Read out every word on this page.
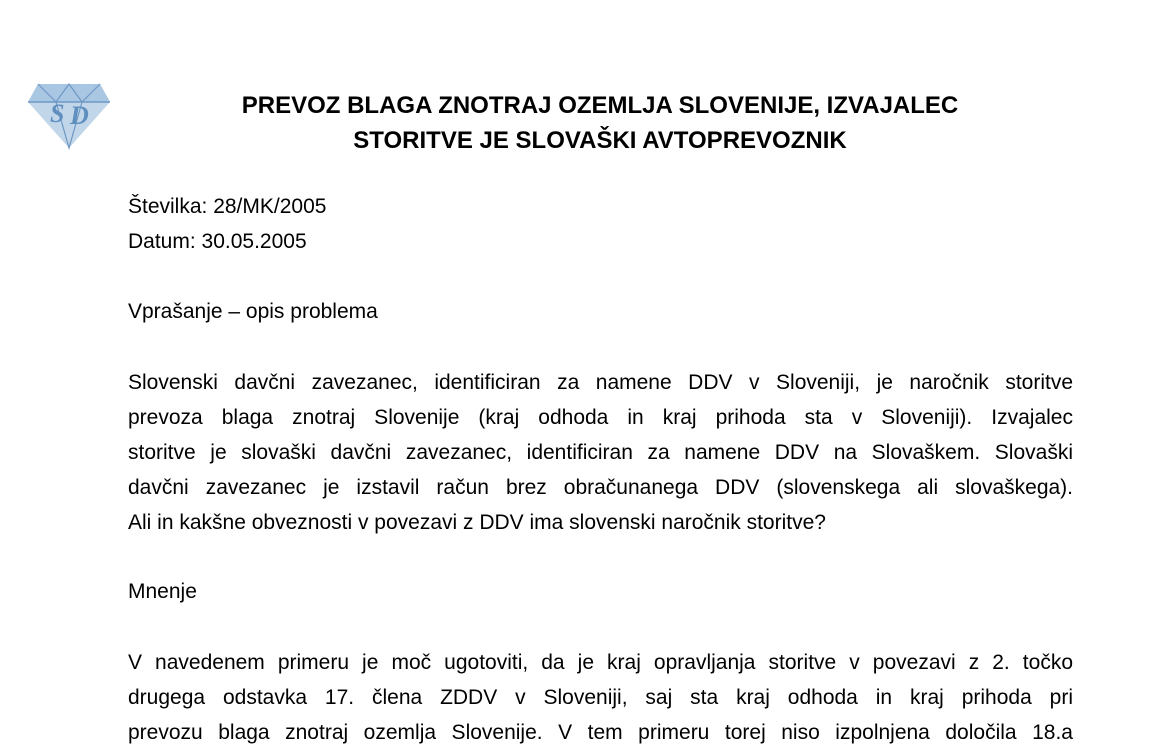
S D	PREVOZ BLAGA ZNOTRAJ OZEMLJA SLOVENIJE, IZVAJALEC
STORITVE JE SLOVAŠKI AVTOPREVOZNIK

Številka: 28/MK/2005

Datum: 30.05.2005

Vprašanje – opis problema

Slovenski davčni zavezanec, identificiran za namene DDV v Sloveniji, je naročnik storitve
prevoza blaga znotraj Slovenije (kraj odhoda in kraj prihoda sta v Sloveniji). Izvajalec
storitve je slovaški davčni zavezanec, identificiran za namene DDV na Slovaškem. Slovaški
davčni zavezanec je izstavil račun brez obračunanega DDV (slovenskega ali slovaškega).
Ali in kakšne obveznosti v povezavi z DDV ima slovenski naročnik storitve?

Mnenje

V navedenem primeru je moč ugotoviti, da je kraj opravljanja storitve v povezavi z 2. točko
drugega odstavka 17. člena ZDDV v Sloveniji, saj sta kraj odhoda in kraj prihoda pri
prevozu blaga znotraj ozemlja Slovenije. V tem primeru torej niso izpolnjena določila 18.a
